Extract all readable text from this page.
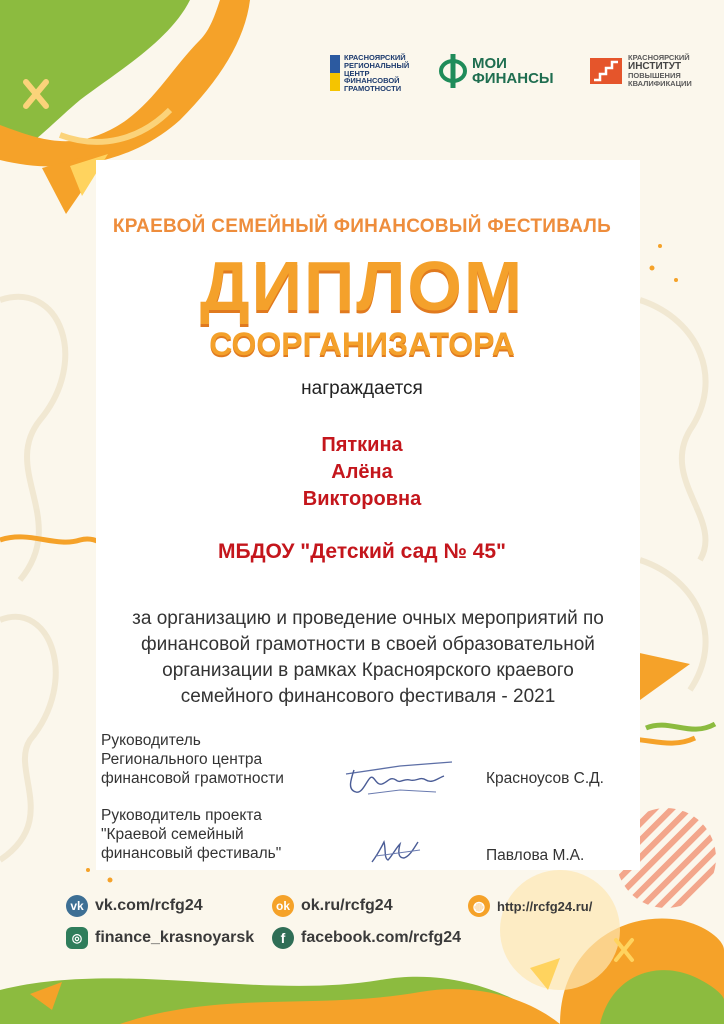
КРАСНОЯРСКИЙ
РЕГИОНАЛЬНЫЙ
ЦЕНТР
ФИНАНСОВОЙ
ГРАМОТНОСТИ
МОИ
ФИНАНСЫ
КРАСНОЯРСКИЙ
ИНСТИТУТ
ПОВЫШЕНИЯ
КВАЛИФИКАЦИИ
КРАЕВОЙ СЕМЕЙНЫЙ ФИНАНСОВЫЙ ФЕСТИВАЛЬ
ДИПЛОМ
СООРГАНИЗАТОРА
награждается
Пяткина
Алёна
Викторовна
МБДОУ "Детский сад № 45"
за организацию и проведение очных мероприятий по
финансовой грамотности в своей образовательной
организации в рамках Красноярского краевого
семейного финансового фестиваля - 2021
Руководитель
Регионального центра
финансовой грамотности	Красноусов С.Д.
Руководитель проекта
"Краевой семейный
финансовый фестиваль"	Павлова М.А.
vk vk.com/rcfg24	ok ok.ru/rcfg24	◍ http://rcfg24.ru/
◎ finance_krasnoyarsk	f facebook.com/rcfg24
